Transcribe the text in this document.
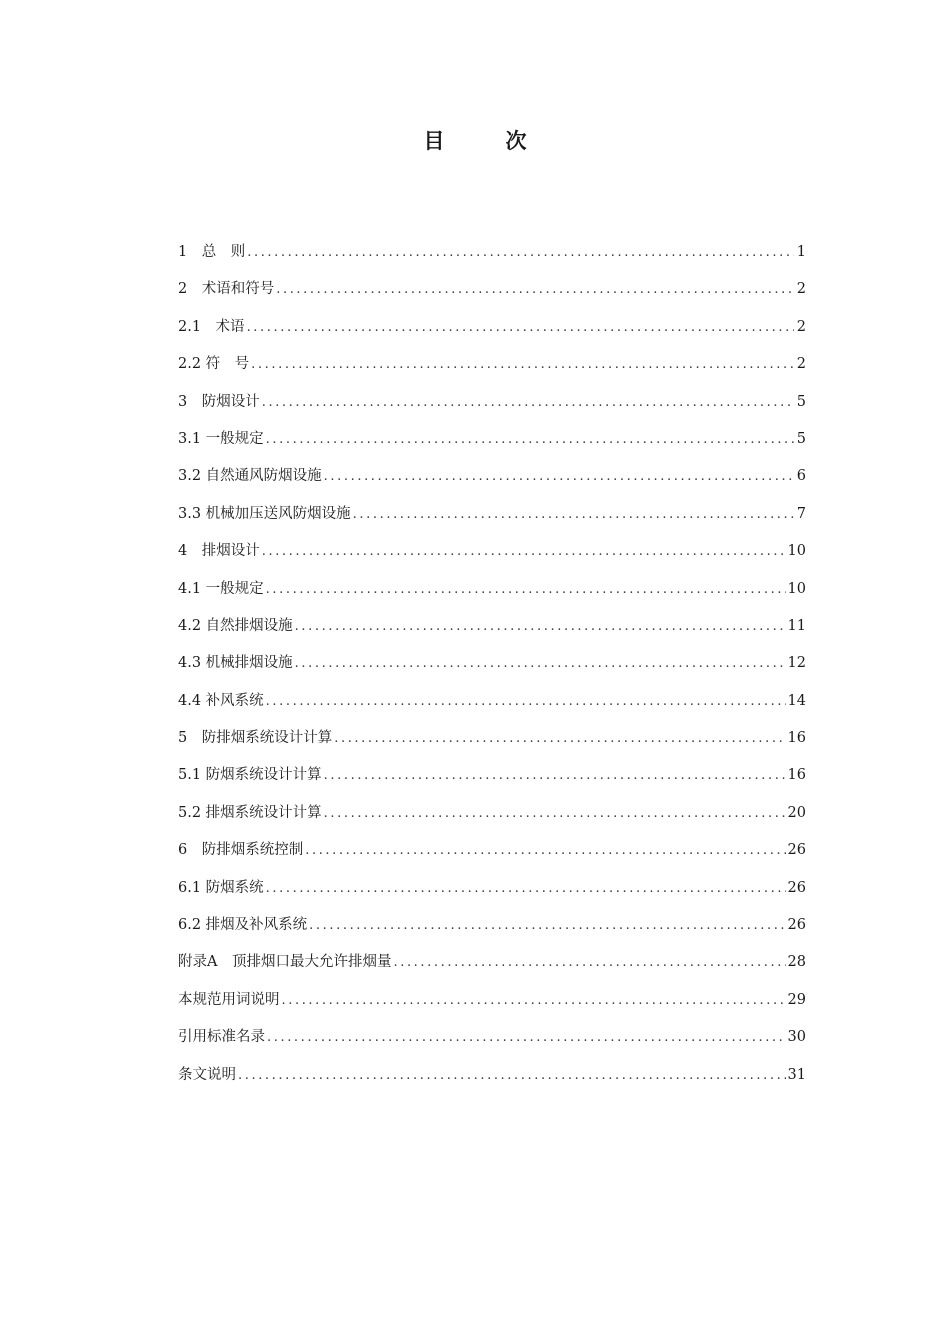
目　次
1　总　则 .....	1
2　术语和符号 .....	2
2.1　术语 .....	2
2.2 符　号 .....	2
3　防烟设计 .....	5
3.1 一般规定 .....	5
3.2 自然通风防烟设施 .....	6
3.3 机械加压送风防烟设施 .....	7
4　排烟设计 .....	10
4.1 一般规定 .....	10
4.2 自然排烟设施 .....	11
4.3 机械排烟设施 .....	12
4.4 补风系统 .....	14
5　防排烟系统设计计算 .....	16
5.1 防烟系统设计计算 .....	16
5.2 排烟系统设计计算 .....	20
6　防排烟系统控制 .....	26
6.1 防烟系统 .....	26
6.2 排烟及补风系统 .....	26
附录A　顶排烟口最大允许排烟量 .....	28
本规范用词说明 .....	29
引用标准名录 .....	30
条文说明 .....	31
